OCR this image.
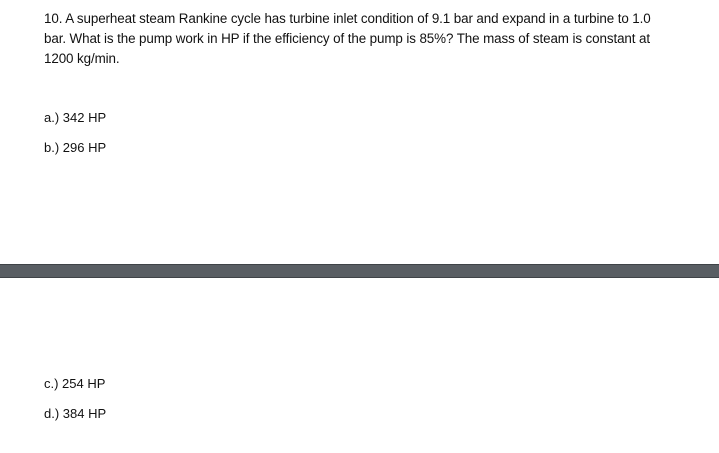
10. A superheat steam Rankine cycle has turbine inlet condition of 9.1 bar and expand in a turbine to 1.0
bar. What is the pump work in HP if the efficiency of the pump is 85%? The mass of steam is constant at
1200 kg/min.
a.) 342 HP
b.) 296 HP
c.) 254 HP
d.) 384 HP
